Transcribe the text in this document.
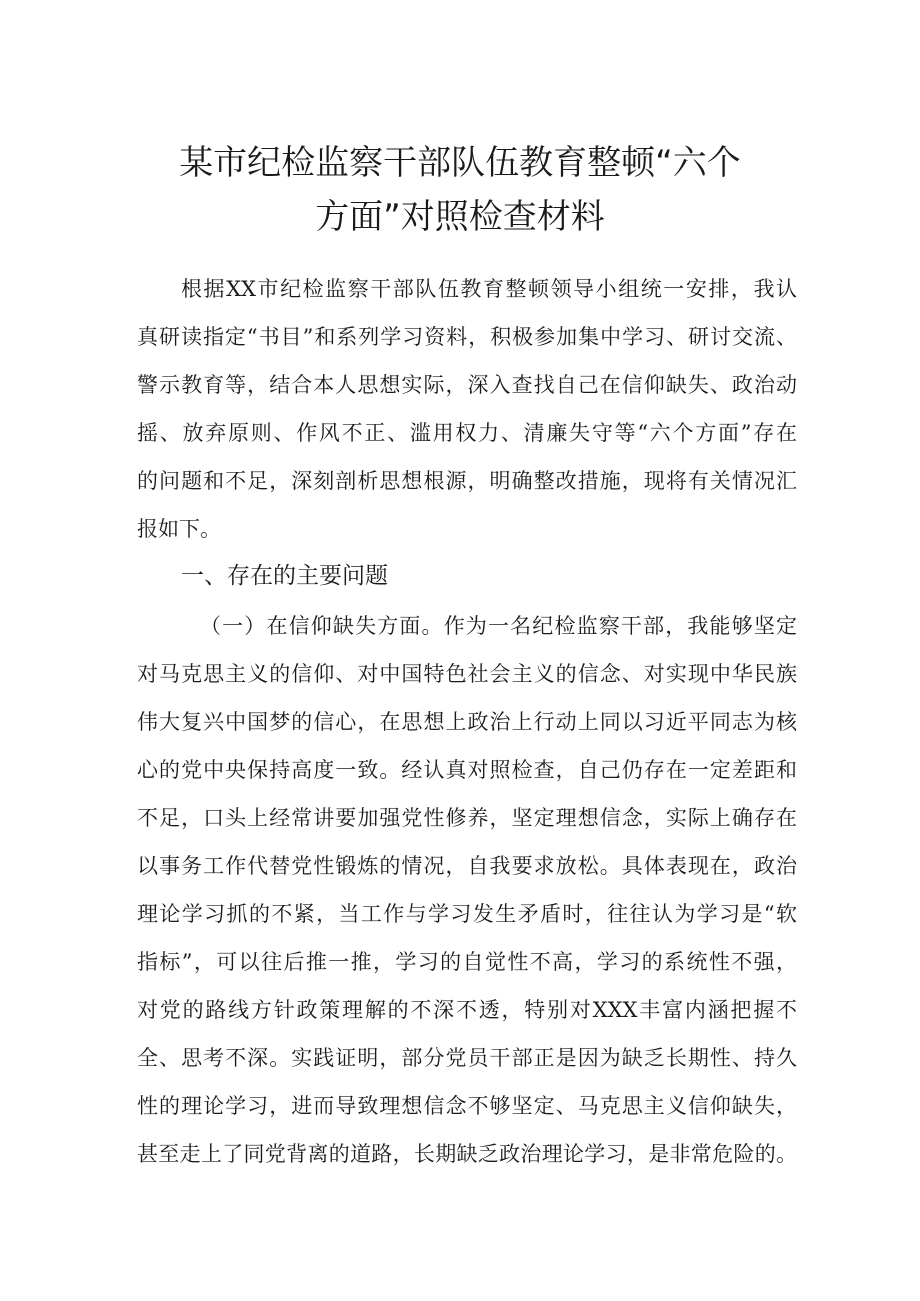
某市纪检监察干部队伍教育整顿“六个
方面”对照检查材料

根据XX市纪检监察干部队伍教育整顿领导小组统一安排，我认

真研读指定“书目”和系列学习资料，积极参加集中学习、研讨交流、

警示教育等，结合本人思想实际，深入查找自己在信仰缺失、政治动

摇、放弃原则、作风不正、滥用权力、清廉失守等“六个方面”存在

的问题和不足，深刻剖析思想根源，明确整改措施，现将有关情况汇

报如下。

一、存在的主要问题

（一）在信仰缺失方面。作为一名纪检监察干部，我能够坚定

对马克思主义的信仰、对中国特色社会主义的信念、对实现中华民族

伟大复兴中国梦的信心，在思想上政治上行动上同以习近平同志为核

心的党中央保持高度一致。经认真对照检查，自己仍存在一定差距和

不足，口头上经常讲要加强党性修养，坚定理想信念，实际上确存在

以事务工作代替党性锻炼的情况，自我要求放松。具体表现在，政治

理论学习抓的不紧，当工作与学习发生矛盾时，往往认为学习是“软

指标”，可以往后推一推，学习的自觉性不高，学习的系统性不强，

对党的路线方针政策理解的不深不透，特别对XXX丰富内涵把握不

全、思考不深。实践证明，部分党员干部正是因为缺乏长期性、持久

性的理论学习，进而导致理想信念不够坚定、马克思主义信仰缺失，

甚至走上了同党背离的道路，长期缺乏政治理论学习，是非常危险的。
